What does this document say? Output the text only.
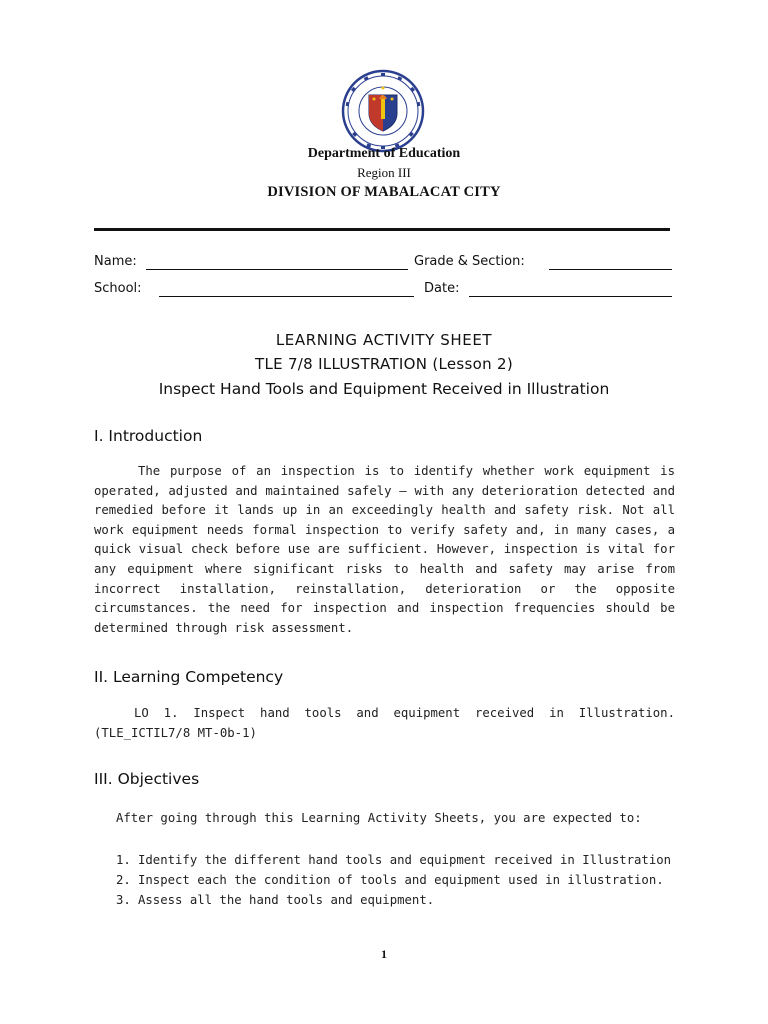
Department of Education
Region III
DIVISION OF MABALACAT CITY
Name:	Grade & Section:
School:	Date:
LEARNING ACTIVITY SHEET
TLE 7/8 ILLUSTRATION (Lesson 2)
Inspect Hand Tools and Equipment Received in Illustration
I. Introduction
The purpose of an inspection is to identify whether work equipment is operated, adjusted and maintained safely – with any deterioration detected and remedied before it lands up in an exceedingly health and safety risk. Not all work equipment needs formal inspection to verify safety and, in many cases, a quick visual check before use are sufficient. However, inspection is vital for any equipment where significant risks to health and safety may arise from incorrect installation, reinstallation, deterioration or the opposite circumstances. the need for inspection and inspection frequencies should be determined through risk assessment.
II. Learning Competency
LO 1. Inspect hand tools and equipment received in Illustration. (TLE_ICTIL7/8 MT-0b-1)
III. Objectives
After going through this Learning Activity Sheets, you are expected to:
1. Identify the different hand tools and equipment received in Illustration
2. Inspect each the condition of tools and equipment used in illustration.
3. Assess all the hand tools and equipment.
1
